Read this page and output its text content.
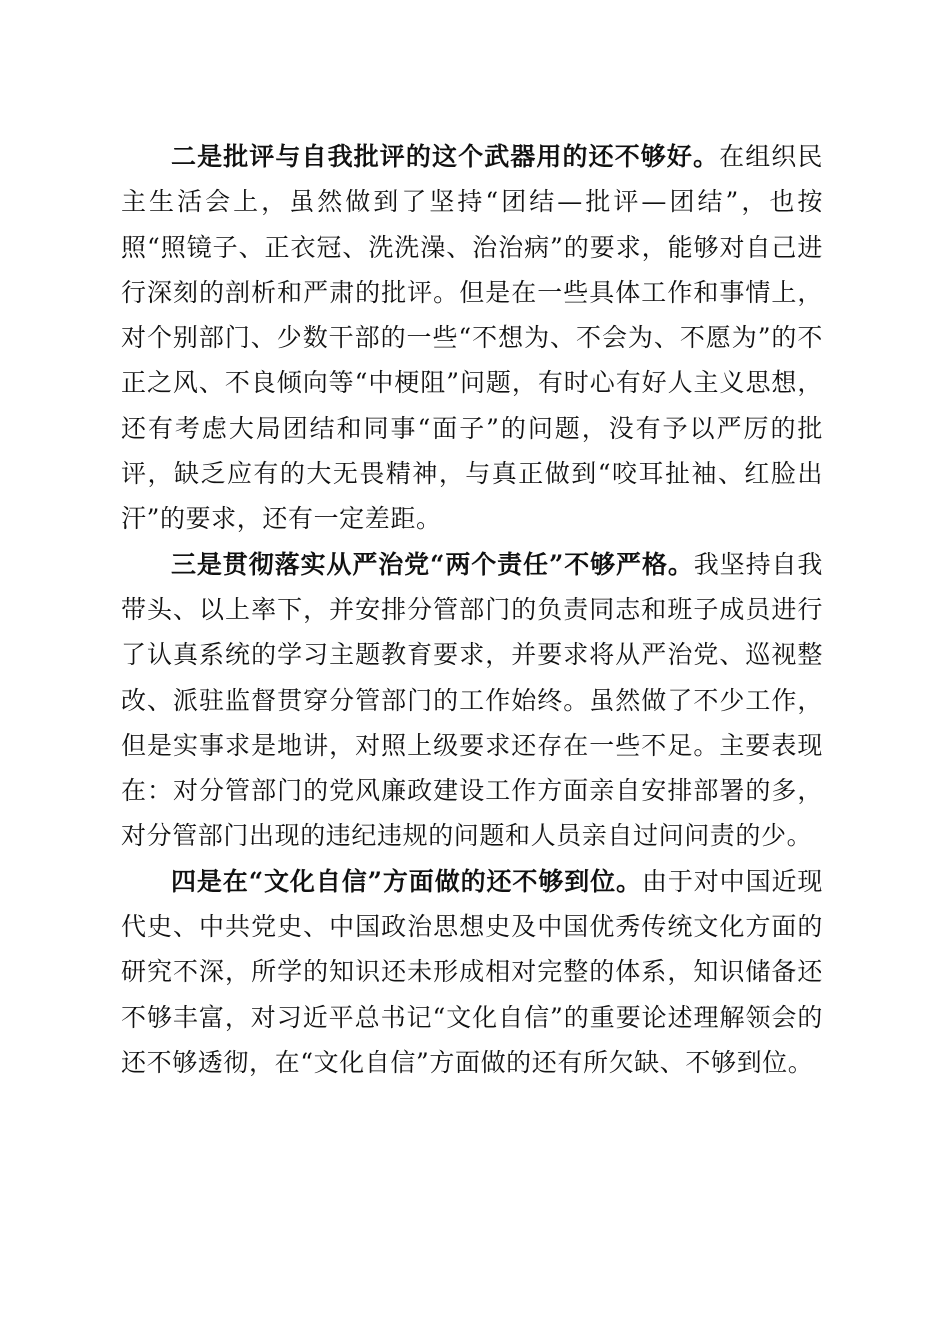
二是批评与自我批评的这个武器用的还不够好。在组织民主生活会上，虽然做到了坚持“团结—批评—团结”，也按照“照镜子、正衣冠、洗洗澡、治治病”的要求，能够对自己进行深刻的剖析和严肃的批评。但是在一些具体工作和事情上，对个别部门、少数干部的一些“不想为、不会为、不愿为”的不正之风、不良倾向等“中梗阻”问题，有时心有好人主义思想，还有考虑大局团结和同事“面子”的问题，没有予以严厉的批评，缺乏应有的大无畏精神，与真正做到“咬耳扯袖、红脸出汗”的要求，还有一定差距。

三是贯彻落实从严治党“两个责任”不够严格。我坚持自我带头、以上率下，并安排分管部门的负责同志和班子成员进行了认真系统的学习主题教育要求，并要求将从严治党、巡视整改、派驻监督贯穿分管部门的工作始终。虽然做了不少工作，但是实事求是地讲，对照上级要求还存在一些不足。主要表现在：对分管部门的党风廉政建设工作方面亲自安排部署的多，对分管部门出现的违纪违规的问题和人员亲自过问问责的少。

四是在“文化自信”方面做的还不够到位。由于对中国近现代史、中共党史、中国政治思想史及中国优秀传统文化方面的研究不深，所学的知识还未形成相对完整的体系，知识储备还不够丰富，对习近平总书记“文化自信”的重要论述理解领会的还不够透彻，在“文化自信”方面做的还有所欠缺、不够到位。
